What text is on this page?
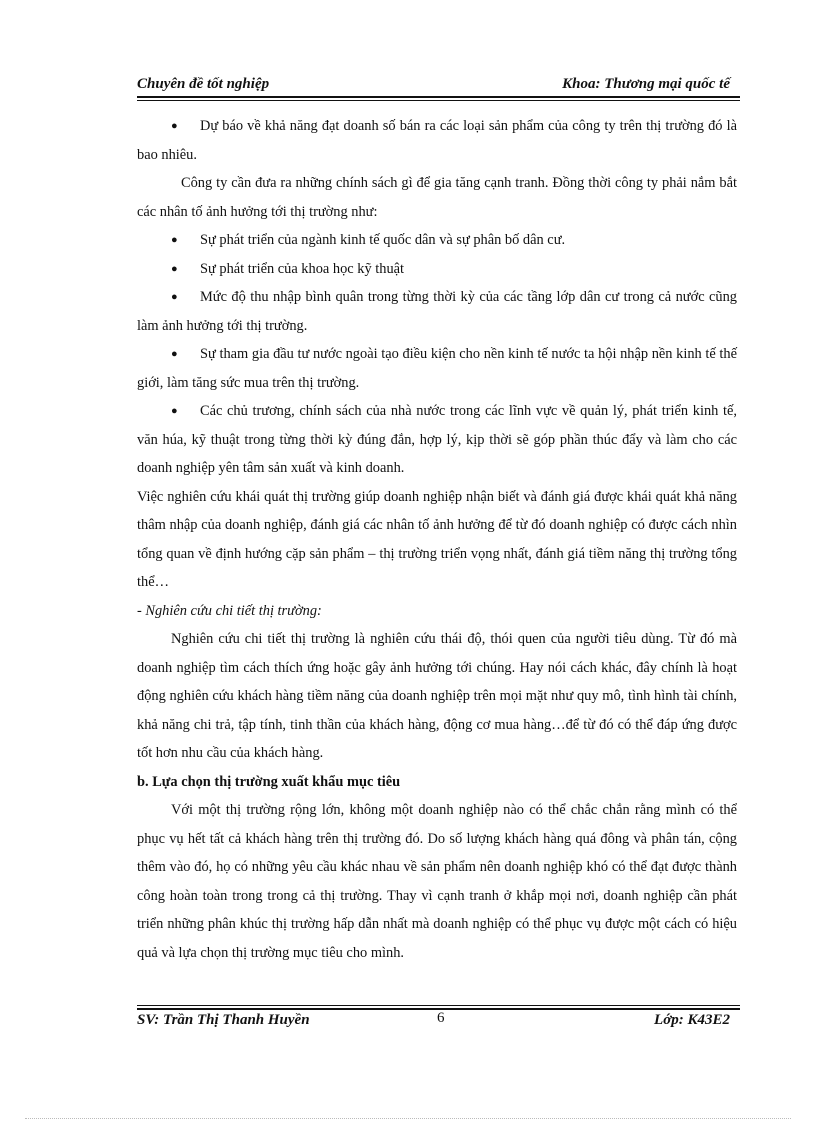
Chuyên đề tốt nghiệp	Khoa: Thương mại quốc tế

● Dự báo về khả năng đạt doanh số bán ra các loại sản phẩm của công ty trên thị trường đó là bao nhiêu.

Công ty cần đưa ra những chính sách gì để gia tăng cạnh tranh. Đồng thời công ty phải nắm bắt các nhân tố ảnh hưởng tới thị trường như:

● Sự phát triển của ngành kinh tế quốc dân và sự phân bố dân cư.

● Sự phát triển của khoa học kỹ thuật

● Mức độ thu nhập bình quân trong từng thời kỳ của các tầng lớp dân cư trong cả nước cũng làm ảnh hưởng tới thị trường.

● Sự tham gia đầu tư nước ngoài tạo điều kiện cho nền kinh tế nước ta hội nhập nền kinh tế thế giới, làm tăng sức mua trên thị trường.

● Các chủ trương, chính sách của nhà nước trong các lĩnh vực về quản lý, phát triển kinh tế, văn húa, kỹ thuật trong từng thời kỳ đúng đắn, hợp lý, kịp thời sẽ góp phần thúc đẩy và làm cho các doanh nghiệp yên tâm sản xuất và kinh doanh.

Việc nghiên cứu khái quát thị trường giúp doanh nghiệp nhận biết và đánh giá được khái quát khả năng thâm nhập của doanh nghiệp, đánh giá các nhân tố ảnh hưởng để từ đó doanh nghiệp có được cách nhìn tổng quan về định hướng cặp sản phẩm – thị trường triển vọng nhất, đánh giá tiềm năng thị trường tổng thể…

- Nghiên cứu chi tiết thị trường:

Nghiên cứu chi tiết thị trường là nghiên cứu thái độ, thói quen của người tiêu dùng. Từ đó mà doanh nghiệp tìm cách thích ứng hoặc gây ảnh hưởng tới chúng. Hay nói cách khác, đây chính là hoạt động nghiên cứu khách hàng tiềm năng của doanh nghiệp trên mọi mặt như quy mô, tình hình tài chính, khả năng chi trả, tập tính, tinh thần của khách hàng, động cơ mua hàng…để từ đó có thể đáp ứng được tốt hơn nhu cầu của khách hàng.

b. Lựa chọn thị trường xuất khẩu mục tiêu

Với một thị trường rộng lớn, không một doanh nghiệp nào có thể chắc chắn rằng mình có thể phục vụ hết tất cả khách hàng trên thị trường đó. Do số lượng khách hàng quá đông và phân tán, cộng thêm vào đó, họ có những yêu cầu khác nhau về sản phẩm nên doanh nghiệp khó có thể đạt được thành công hoàn toàn trong trong cả thị trường. Thay vì cạnh tranh ở khắp mọi nơi, doanh nghiệp cần phát triển những phân khúc thị trường hấp dẫn nhất mà doanh nghiệp có thể phục vụ được một cách có hiệu quả và lựa chọn thị trường mục tiêu cho mình.

SV: Trần Thị Thanh Huyền	6	Lớp: K43E2
